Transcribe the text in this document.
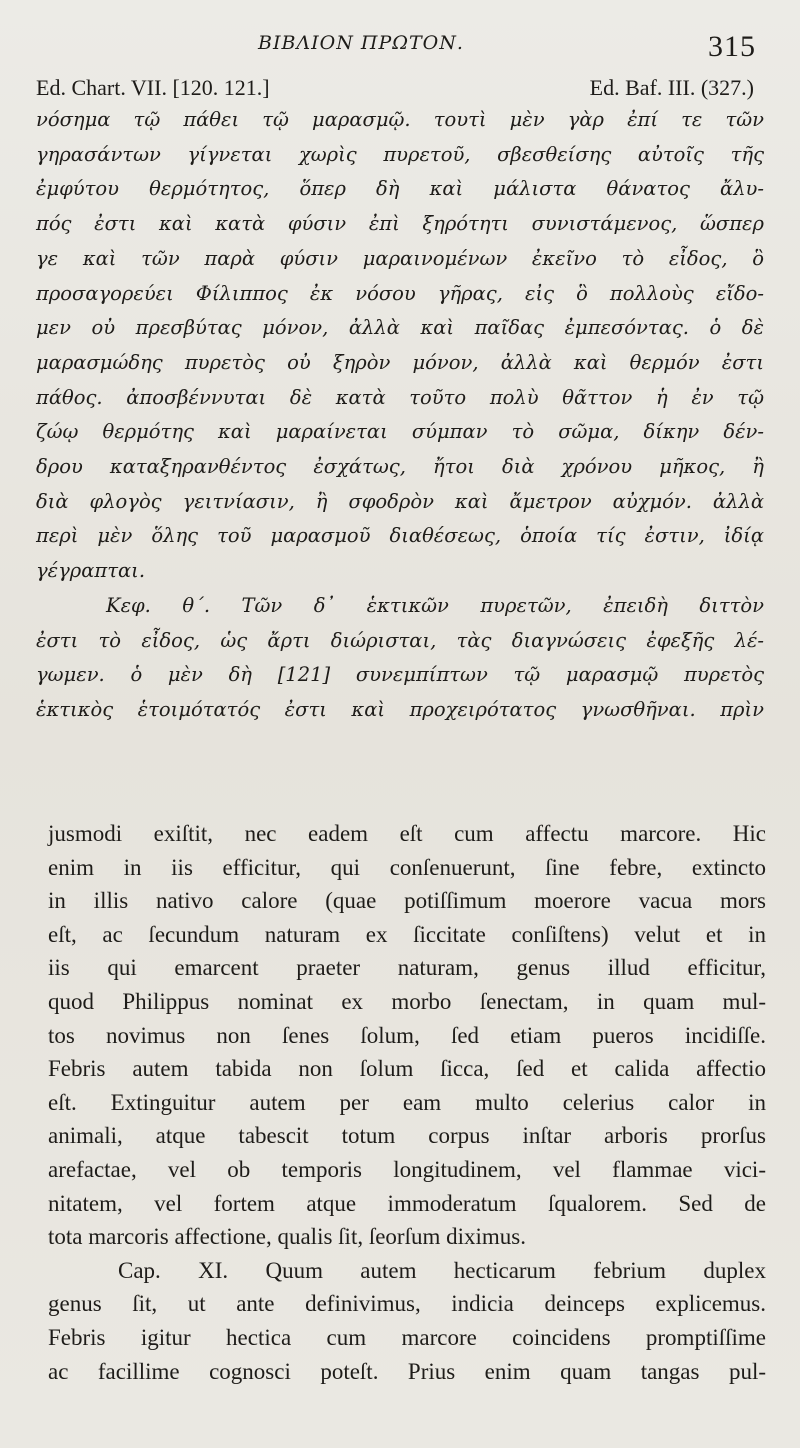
ΒΙΒΛΙΟΝ ΠΡΩΤΟΝ.	315
Ed. Chart. VII. [120. 121.]	Ed. Baf. III. (327.)
νόσημα τῷ πάθει τῷ μαρασμῷ. τουτὶ μὲν γὰρ ἐπί τε τῶν
γηρασάντων γίγνεται χωρὶς πυρετοῦ, σβεσθείσης αὐτοῖς τῆς
ἐμφύτου θερμότητος, ὅπερ δὴ καὶ μάλιστα θάνατος ἄλυ-
πός ἐστι καὶ κατὰ φύσιν ἐπὶ ξηρότητι συνιστάμενος, ὥσπερ
γε καὶ τῶν παρὰ φύσιν μαραινομένων ἐκεῖνο τὸ εἶδος, ὃ
προσαγορεύει Φίλιππος ἐκ νόσου γῆρας, εἰς ὃ πολλοὺς εἴδο-
μεν οὐ πρεσβύτας μόνον, ἀλλὰ καὶ παῖδας ἐμπεσόντας. ὁ δὲ
μαρασμώδης πυρετὸς οὐ ξηρὸν μόνον, ἀλλὰ καὶ θερμόν ἐστι
πάθος. ἀποσβέννυται δὲ κατὰ τοῦτο πολὺ θᾶττον ἡ ἐν τῷ
ζώῳ θερμότης καὶ μαραίνεται σύμπαν τὸ σῶμα, δίκην δέν-
δρου καταξηρανθέντος ἐσχάτως, ἤτοι διὰ χρόνου μῆκος, ἢ
διὰ φλογὸς γειτνίασιν, ἢ σφοδρὸν καὶ ἄμετρον αὐχμόν. ἀλλὰ
περὶ μὲν ὅλης τοῦ μαρασμοῦ διαθέσεως, ὁποία τίς ἐστιν, ἰδίᾳ
γέγραπται.
Κεφ. θ΄. Τῶν δ᾽ ἑκτικῶν πυρετῶν, ἐπειδὴ διττὸν
ἐστι τὸ εἶδος, ὡς ἄρτι διώρισται, τὰς διαγνώσεις ἐφεξῆς λέ-
γωμεν. ὁ μὲν δὴ [121] συνεμπίπτων τῷ μαρασμῷ πυρετὸς
ἑκτικὸς ἑτοιμότατός ἐστι καὶ προχειρότατος γνωσθῆναι. πρὶν
jusmodi exiſtit, nec eadem eſt cum affectu marcore. Hic
enim in iis efficitur, qui conſenuerunt, ſine febre, extincto
in illis nativo calore (quae potiſſimum moerore vacua mors
eſt, ac ſecundum naturam ex ſiccitate conſiſtens) velut et in
iis qui emarcent praeter naturam, genus illud efficitur,
quod Philippus nominat ex morbo ſenectam, in quam mul-
tos novimus non ſenes ſolum, ſed etiam pueros incidiſſe.
Febris autem tabida non ſolum ſicca, ſed et calida affectio
eſt. Extinguitur autem per eam multo celerius calor in
animali, atque tabescit totum corpus inſtar arboris prorſus
arefactae, vel ob temporis longitudinem, vel flammae vici-
nitatem, vel fortem atque immoderatum ſqualorem. Sed de
tota marcoris affectione, qualis ſit, ſeorſum diximus.
Cap. XI. Quum autem hecticarum febrium duplex
genus ſit, ut ante definivimus, indicia deinceps explicemus.
Febris igitur hectica cum marcore coincidens promptiſſime
ac facillime cognosci poteſt. Prius enim quam tangas pul-
